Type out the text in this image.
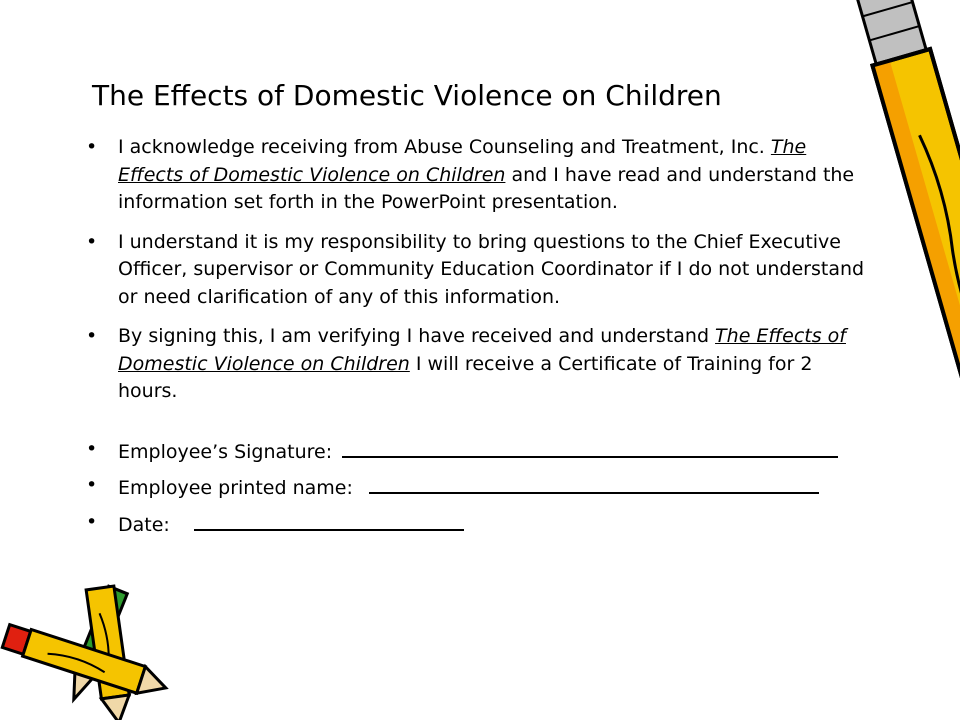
The Effects of Domestic Violence on Children
• I acknowledge receiving from Abuse Counseling and Treatment, Inc. The Effects of Domestic Violence on Children and I have read and understand the information set forth in the PowerPoint presentation.
• I understand it is my responsibility to bring questions to the Chief Executive Officer, supervisor or Community Education Coordinator if I do not understand or need clarification of any of this information.
• By signing this, I am verifying I have received and understand The Effects of Domestic Violence on Children I will receive a Certificate of Training for 2 hours.
• Employee’s Signature:
• Employee printed name:
• Date:
